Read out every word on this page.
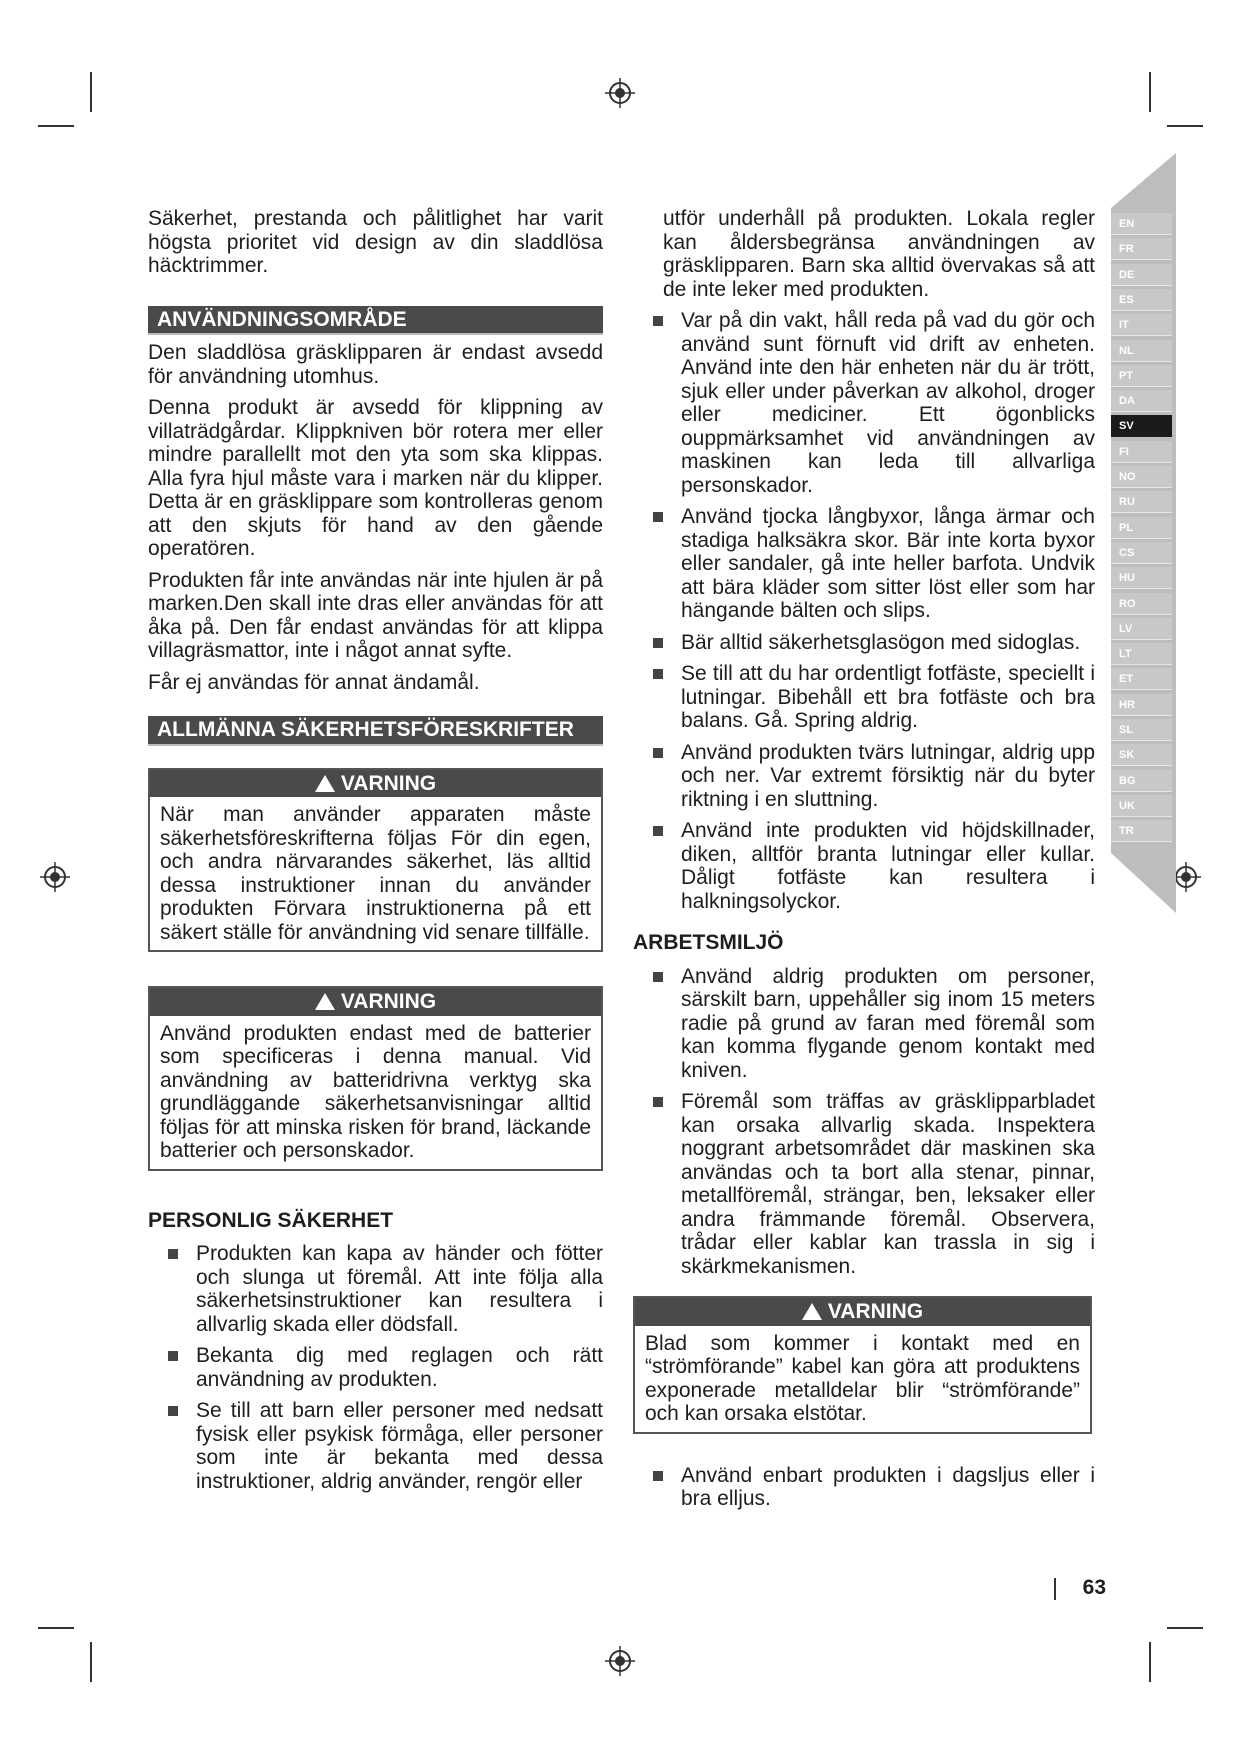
EN
FR
DE
ES
IT
NL
PT
DA
SV
FI
NO
RU
PL
CS
HU
RO
LV
LT
ET
HR
SL
SK
BG
UK
TR

Säkerhet, prestanda och pålitlighet har varit högsta prioritet vid design av din sladdlösa häcktrimmer.

ANVÄNDNINGSOMRÅDE

Den sladdlösa gräsklipparen är endast avsedd för användning utomhus.

Denna produkt är avsedd för klippning av villaträdgårdar. Klippkniven bör rotera mer eller mindre parallellt mot den yta som ska klippas. Alla fyra hjul måste vara i marken när du klipper. Detta är en gräsklippare som kontrolleras genom att den skjuts för hand av den gående operatören.

Produkten får inte användas när inte hjulen är på marken.Den skall inte dras eller användas för att åka på. Den får endast användas för att klippa villagräsmattor, inte i något annat syfte.

Får ej användas för annat ändamål.

ALLMÄNNA SÄKERHETSFÖRESKRIFTER
VARNING
När man använder apparaten måste säkerhetsföreskrifterna följas För din egen, och andra närvarandes säkerhet, läs alltid dessa instruktioner innan du använder produkten Förvara instruktionerna på ett säkert ställe för användning vid senare tillfälle.
VARNING
Använd produkten endast med de batterier som specificeras i denna manual. Vid användning av batteridrivna verktyg ska grundläggande säkerhetsanvisningar alltid följas för att minska risken för brand, läckande batterier och personskador.
PERSONLIG SÄKERHET
Produkten kan kapa av händer och fötter och slunga ut föremål. Att inte följa alla säkerhetsinstruktioner kan resultera i allvarlig skada eller dödsfall.
Bekanta dig med reglagen och rätt användning av produkten.
Se till att barn eller personer med nedsatt fysisk eller psykisk förmåga, eller personer som inte är bekanta med dessa instruktioner, aldrig använder, rengör eller

utför underhåll på produkten. Lokala regler kan åldersbegränsa användningen av gräsklipparen. Barn ska alltid övervakas så att de inte leker med produkten.

Var på din vakt, håll reda på vad du gör och använd sunt förnuft vid drift av enheten. Använd inte den här enheten när du är trött, sjuk eller under påverkan av alkohol, droger eller mediciner. Ett ögonblicks ouppmärksamhet vid användningen av maskinen kan leda till allvarliga personskador.
Använd tjocka långbyxor, långa ärmar och stadiga halksäkra skor. Bär inte korta byxor eller sandaler, gå inte heller barfota. Undvik att bära kläder som sitter löst eller som har hängande bälten och slips.
Bär alltid säkerhetsglasögon med sidoglas.
Se till att du har ordentligt fotfäste, speciellt i lutningar. Bibehåll ett bra fotfäste och bra balans. Gå. Spring aldrig.
Använd produkten tvärs lutningar, aldrig upp och ner. Var extremt försiktig när du byter riktning i en sluttning.
Använd inte produkten vid höjdskillnader, diken, alltför branta lutningar eller kullar. Dåligt fotfäste kan resultera i halkningsolyckor.
ARBETSMILJÖ
Använd aldrig produkten om personer, särskilt barn, uppehåller sig inom 15 meters radie på grund av faran med föremål som kan komma flygande genom kontakt med kniven.
Föremål som träffas av gräsklipparbladet kan orsaka allvarlig skada. Inspektera noggrant arbetsområdet där maskinen ska användas och ta bort alla stenar, pinnar, metallföremål, strängar, ben, leksaker eller andra främmande föremål. Observera, trådar eller kablar kan trassla in sig i skärkmekanismen.
VARNING
Blad som kommer i kontakt med en “strömförande” kabel kan göra att produktens exponerade metalldelar blir “strömförande” och kan orsaka elstötar.
Använd enbart produkten i dagsljus eller i bra elljus.
63
